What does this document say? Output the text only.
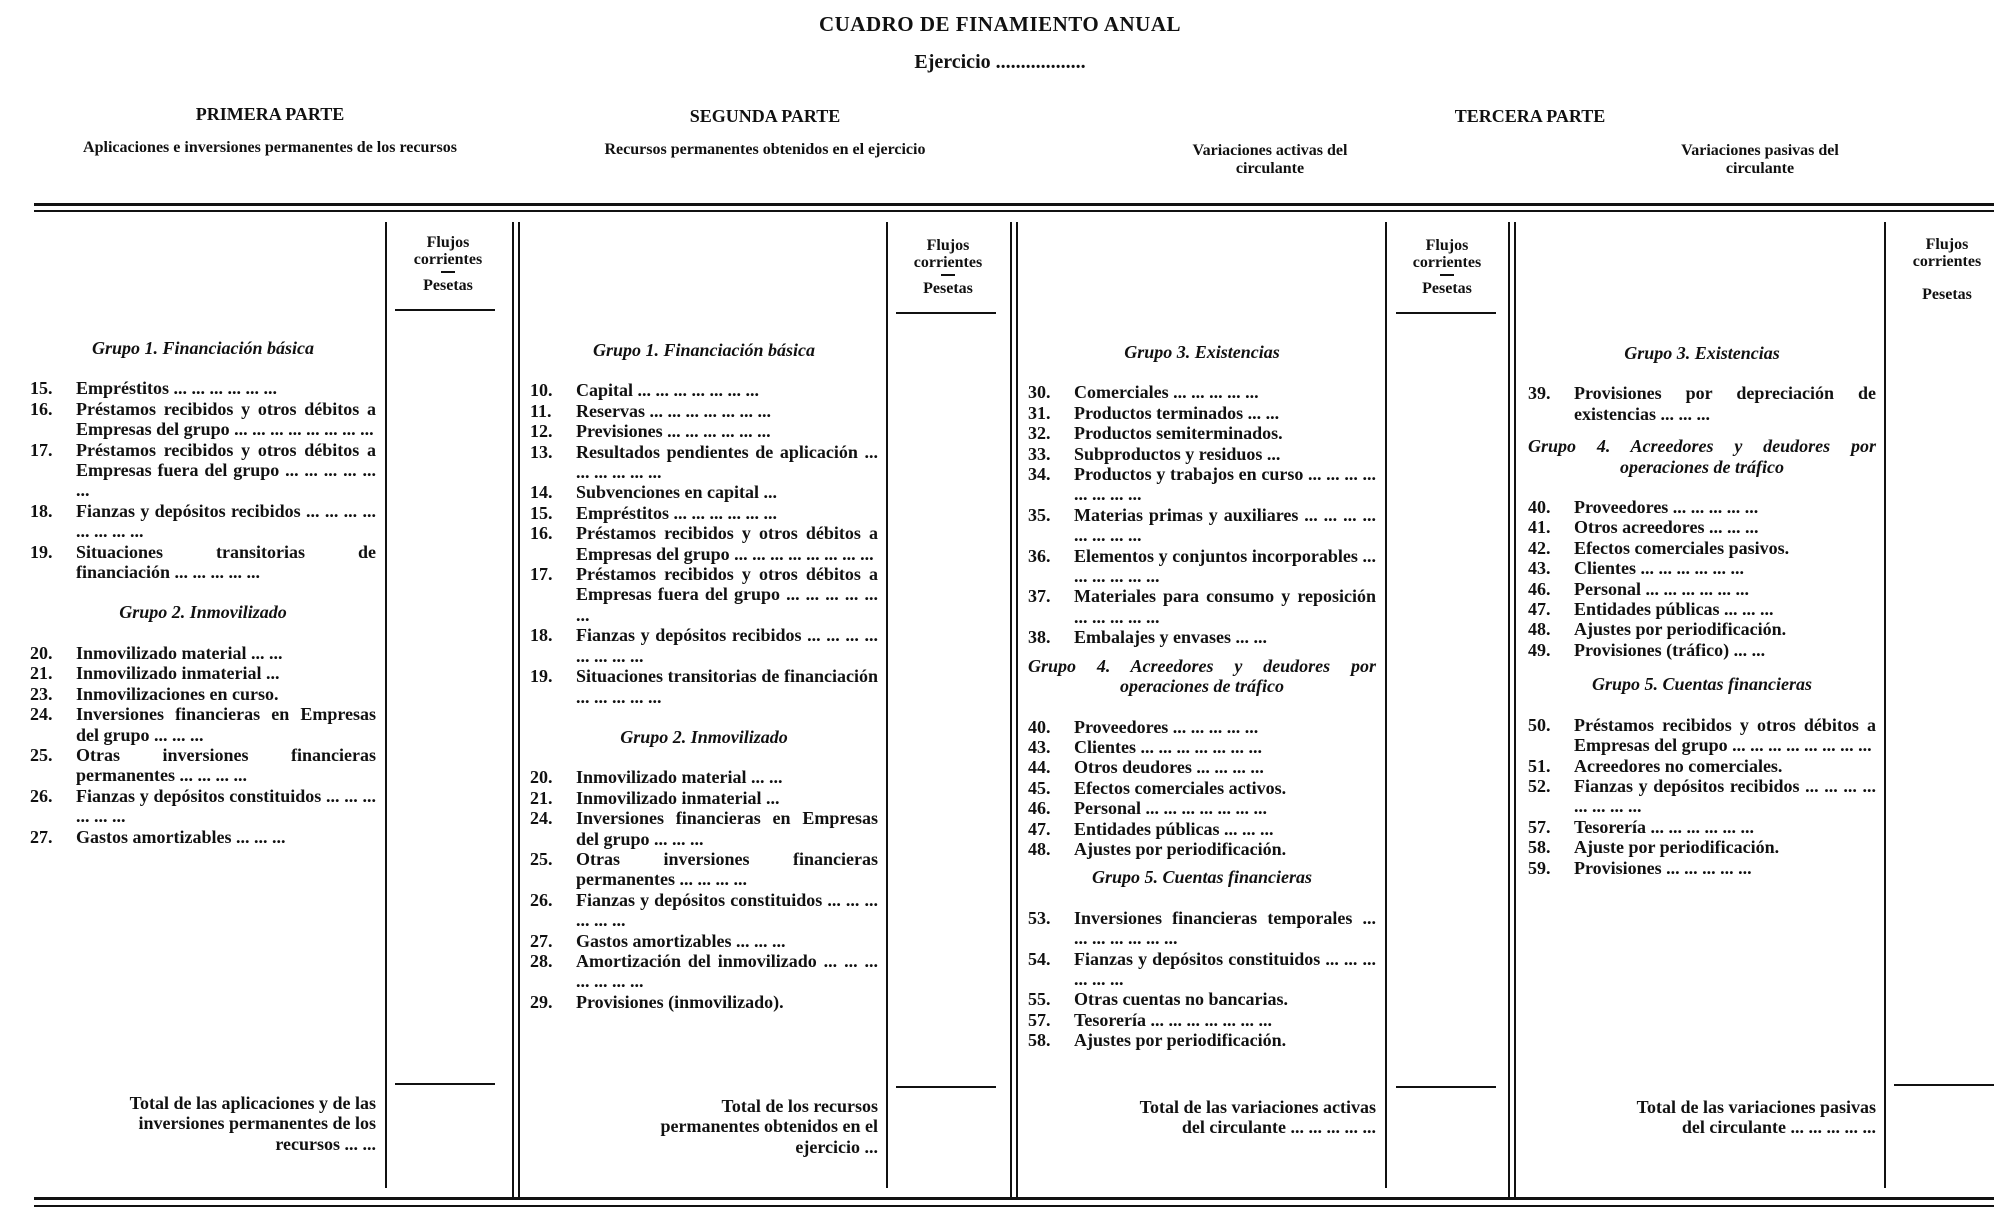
CUADRO DE FINAMIENTO ANUAL
Ejercicio ..................
PRIMERA PARTE
Aplicaciones e inversiones permanentes de los recursos
SEGUNDA PARTE
Recursos permanentes obtenidos en el ejercicio
TERCERA PARTE
Variaciones activas del circulante
Variaciones pasivas del circulante
Flujos
corrientes
Pesetas
Flujos
corrientes
Pesetas
Flujos
corrientes
Pesetas
Flujos
corrientes
Pesetas
Grupo 1. Financiación básica
15.	Empréstitos ... ... ... ... ... ...
16.	Préstamos recibidos y otros débitos a Empresas del grupo ... ... ... ... ... ... ... ...
17.	Préstamos recibidos y otros débitos a Empresas fuera del grupo ... ... ... ... ... ...
18.	Fianzas y depósitos recibidos ... ... ... ... ... ... ... ...
19.	Situaciones transitorias de financiación ... ... ... ... ...
Grupo 2. Inmovilizado
20.	Inmovilizado material ... ...
21.	Inmovilizado inmaterial ...
23.	Inmovilizaciones en curso.
24.	Inversiones financieras en Empresas del grupo ... ... ...
25.	Otras inversiones financieras permanentes ... ... ... ...
26.	Fianzas y depósitos constituidos ... ... ... ... ... ...
27.	Gastos amortizables ... ... ...
Total de las aplicaciones y de las inversiones permanentes de los recursos ... ...
Grupo 1. Financiación básica
10.	Capital ... ... ... ... ... ... ...
11.	Reservas ... ... ... ... ... ... ...
12.	Previsiones ... ... ... ... ... ...
13.	Resultados pendientes de aplicación ... ... ... ... ... ...
14.	Subvenciones en capital ...
15.	Empréstitos ... ... ... ... ... ...
16.	Préstamos recibidos y otros débitos a Empresas del grupo ... ... ... ... ... ... ... ...
17.	Préstamos recibidos y otros débitos a Empresas fuera del grupo ... ... ... ... ... ...
18.	Fianzas y depósitos recibidos ... ... ... ... ... ... ... ...
19.	Situaciones transitorias de financiación ... ... ... ... ...
Grupo 2. Inmovilizado
20.	Inmovilizado material ... ...
21.	Inmovilizado inmaterial ...
24.	Inversiones financieras en Empresas del grupo ... ... ...
25.	Otras inversiones financieras permanentes ... ... ... ...
26.	Fianzas y depósitos constituidos ... ... ... ... ... ...
27.	Gastos amortizables ... ... ...
28.	Amortización del inmovilizado ... ... ... ... ... ... ...
29.	Provisiones (inmovilizado).
Total de los recursos permanentes obtenidos en el ejercicio ...
Grupo 3. Existencias
30.	Comerciales ... ... ... ... ...
31.	Productos terminados ... ...
32.	Productos semiterminados.
33.	Subproductos y residuos ...
34.	Productos y trabajos en curso ... ... ... ... ... ... ... ...
35.	Materias primas y auxiliares ... ... ... ... ... ... ... ...
36.	Elementos y conjuntos incorporables ... ... ... ... ... ...
37.	Materiales para consumo y reposición ... ... ... ... ...
38.	Embalajes y envases ... ...
Grupo 4. Acreedores y deudores por operaciones de tráfico
40.	Proveedores ... ... ... ... ...
43.	Clientes ... ... ... ... ... ... ...
44.	Otros deudores ... ... ... ...
45.	Efectos comerciales activos.
46.	Personal ... ... ... ... ... ... ...
47.	Entidades públicas ... ... ...
48.	Ajustes por periodificación.
Grupo 5. Cuentas financieras
53.	Inversiones financieras temporales ... ... ... ... ... ... ...
54.	Fianzas y depósitos constituidos ... ... ... ... ... ...
55.	Otras cuentas no bancarias.
57.	Tesorería ... ... ... ... ... ... ...
58.	Ajustes por periodificación.
Total de las variaciones activas del circulante ... ... ... ... ...
Grupo 3. Existencias
39.	Provisiones por depreciación de existencias ... ... ...
Grupo 4. Acreedores y deudores por operaciones de tráfico
40.	Proveedores ... ... ... ... ...
41.	Otros acreedores ... ... ...
42.	Efectos comerciales pasivos.
43.	Clientes ... ... ... ... ... ...
46.	Personal ... ... ... ... ... ...
47.	Entidades públicas ... ... ...
48.	Ajustes por periodificación.
49.	Provisiones (tráfico) ... ...
Grupo 5. Cuentas financieras
50.	Préstamos recibidos y otros débitos a Empresas del grupo ... ... ... ... ... ... ... ...
51.	Acreedores no comerciales.
52.	Fianzas y depósitos recibidos ... ... ... ... ... ... ... ...
57.	Tesorería ... ... ... ... ... ...
58.	Ajuste por periodificación.
59.	Provisiones ... ... ... ... ...
Total de las variaciones pasivas del circulante ... ... ... ... ...
